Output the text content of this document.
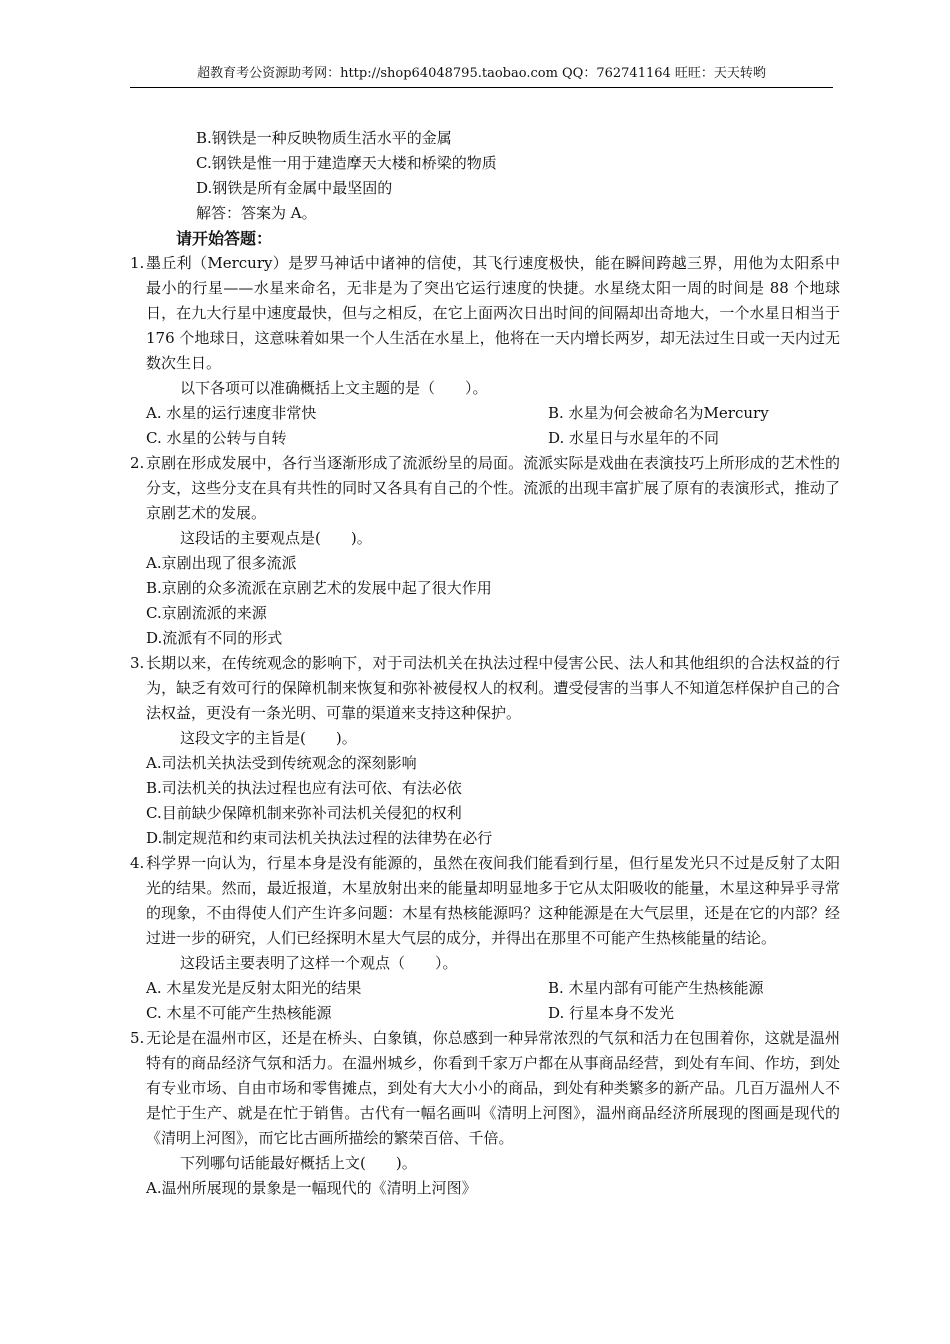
超教育考公资源助考网：http://shop64048795.taobao.com QQ：762741164 旺旺：天天转哟
B.钢铁是一种反映物质生活水平的金属
C.钢铁是惟一用于建造摩天大楼和桥梁的物质
D.钢铁是所有金属中最坚固的
解答：答案为 A。
请开始答题：
1. 墨丘利（Mercury）是罗马神话中诸神的信使，其飞行速度极快，能在瞬间跨越三界，用他为太阳系中最小的行星——水星来命名，无非是为了突出它运行速度的快捷。水星绕太阳一周的时间是 88 个地球日，在九大行星中速度最快，但与之相反，在它上面两次日出时间的间隔却出奇地大，一个水星日相当于 176 个地球日，这意味着如果一个人生活在水星上，他将在一天内增长两岁，却无法过生日或一天内过无数次生日。
以下各项可以准确概括上文主题的是（　　）。
A. 水星的运行速度非常快	B. 水星为何会被命名为Mercury
C. 水星的公转与自转	D. 水星日与水星年的不同
2. 京剧在形成发展中，各行当逐渐形成了流派纷呈的局面。流派实际是戏曲在表演技巧上所形成的艺术性的分支，这些分支在具有共性的同时又各具有自己的个性。流派的出现丰富扩展了原有的表演形式，推动了京剧艺术的发展。
这段话的主要观点是(　　)。
A.京剧出现了很多流派
B.京剧的众多流派在京剧艺术的发展中起了很大作用
C.京剧流派的来源
D.流派有不同的形式
3. 长期以来，在传统观念的影响下，对于司法机关在执法过程中侵害公民、法人和其他组织的合法权益的行为，缺乏有效可行的保障机制来恢复和弥补被侵权人的权利。遭受侵害的当事人不知道怎样保护自己的合法权益，更没有一条光明、可靠的渠道来支持这种保护。
这段文字的主旨是(　　)。
A.司法机关执法受到传统观念的深刻影响
B.司法机关的执法过程也应有法可依、有法必依
C.目前缺少保障机制来弥补司法机关侵犯的权利
D.制定规范和约束司法机关执法过程的法律势在必行
4. 科学界一向认为，行星本身是没有能源的，虽然在夜间我们能看到行星，但行星发光只不过是反射了太阳光的结果。然而，最近报道，木星放射出来的能量却明显地多于它从太阳吸收的能量，木星这种异乎寻常的现象，不由得使人们产生许多问题：木星有热核能源吗？这种能源是在大气层里，还是在它的内部？经过进一步的研究，人们已经探明木星大气层的成分，并得出在那里不可能产生热核能量的结论。
这段话主要表明了这样一个观点（　　）。
A. 木星发光是反射太阳光的结果	B. 木星内部有可能产生热核能源
C. 木星不可能产生热核能源	D. 行星本身不发光
5. 无论是在温州市区，还是在桥头、白象镇，你总感到一种异常浓烈的气氛和活力在包围着你，这就是温州特有的商品经济气氛和活力。在温州城乡，你看到千家万户都在从事商品经营，到处有车间、作坊，到处有专业市场、自由市场和零售摊点，到处有大大小小的商品，到处有种类繁多的新产品。几百万温州人不是忙于生产、就是在忙于销售。古代有一幅名画叫《清明上河图》，温州商品经济所展现的图画是现代的《清明上河图》，而它比古画所描绘的繁荣百倍、千倍。
下列哪句话能最好概括上文(　　)。
A.温州所展现的景象是一幅现代的《清明上河图》
